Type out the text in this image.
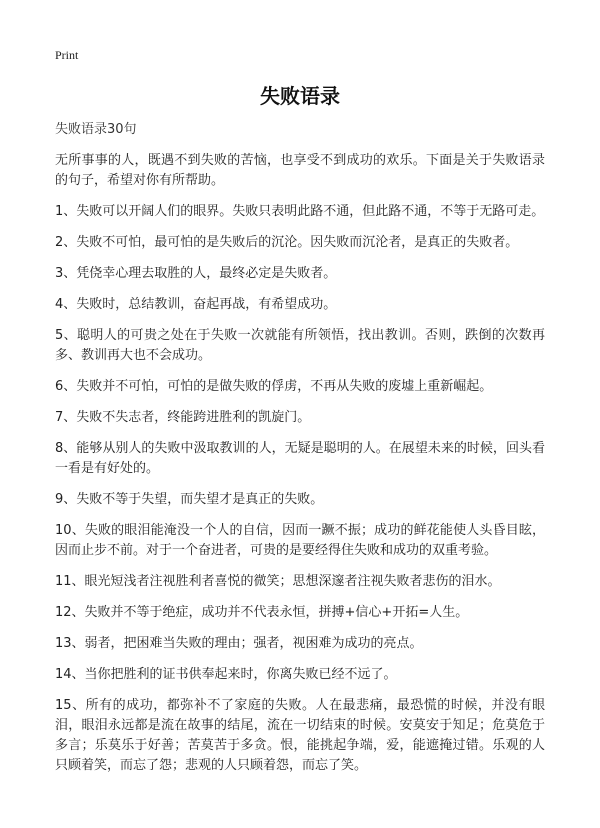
Print
失败语录

失败语录30句

无所事事的人，既遇不到失败的苦恼，也享受不到成功的欢乐。下面是关于失败语录的句子，希望对你有所帮助。

1、失败可以开阔人们的眼界。失败只表明此路不通，但此路不通，不等于无路可走。

2、失败不可怕，最可怕的是失败后的沉沦。因失败而沉沦者，是真正的失败者。

3、凭侥幸心理去取胜的人，最终必定是失败者。

4、失败时，总结教训，奋起再战，有希望成功。

5、聪明人的可贵之处在于失败一次就能有所领悟，找出教训。否则，跌倒的次数再多、教训再大也不会成功。

6、失败并不可怕，可怕的是做失败的俘虏，不再从失败的废墟上重新崛起。

7、失败不失志者，终能跨进胜利的凯旋门。

8、能够从别人的失败中汲取教训的人，无疑是聪明的人。在展望未来的时候，回头看一看是有好处的。

9、失败不等于失望，而失望才是真正的失败。

10、失败的眼泪能淹没一个人的自信，因而一蹶不振；成功的鲜花能使人头昏目眩，因而止步不前。对于一个奋进者，可贵的是要经得住失败和成功的双重考验。

11、眼光短浅者注视胜利者喜悦的微笑；思想深邃者注视失败者悲伤的泪水。

12、失败并不等于绝症，成功并不代表永恒，拼搏+信心+开拓=人生。

13、弱者，把困难当失败的理由；强者，视困难为成功的亮点。

14、当你把胜利的证书供奉起来时，你离失败已经不远了。

15、所有的成功，都弥补不了家庭的失败。人在最悲痛，最恐慌的时候，并没有眼泪，眼泪永远都是流在故事的结尾，流在一切结束的时候。安莫安于知足；危莫危于多言；乐莫乐于好善；苦莫苦于多贪。恨，能挑起争端，爱，能遮掩过错。乐观的人只顾着笑，而忘了怨；悲观的人只顾着怨，而忘了笑。
